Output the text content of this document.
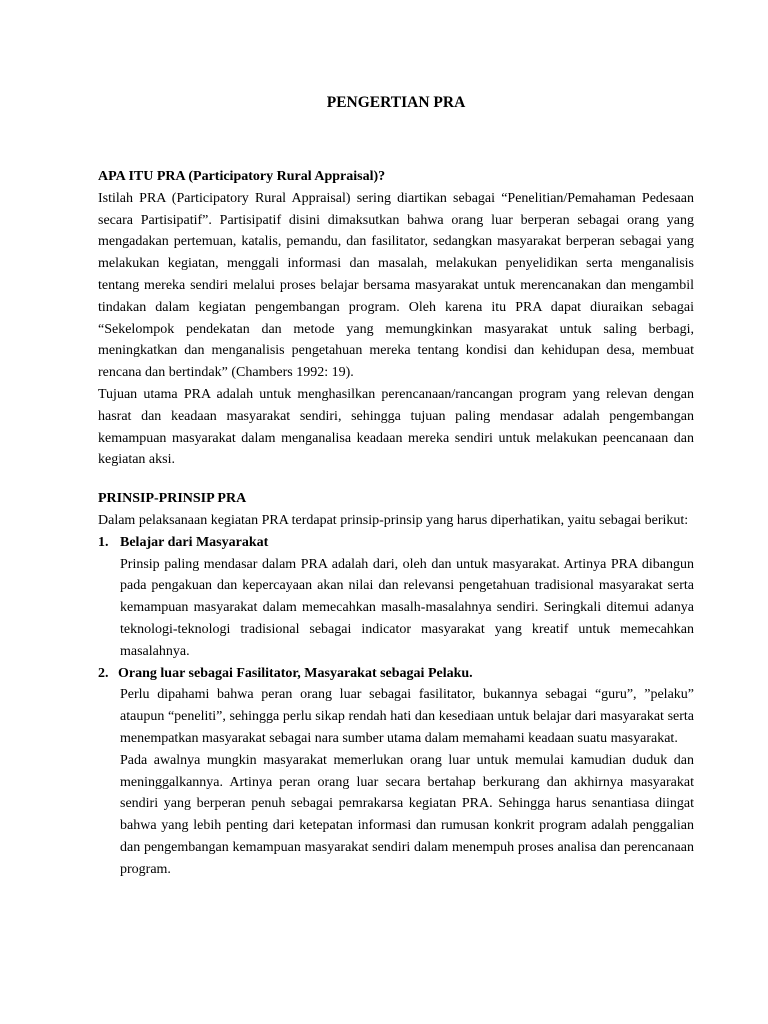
PENGERTIAN PRA
APA ITU PRA (Participatory Rural Appraisal)?

Istilah PRA (Participatory Rural Appraisal) sering diartikan sebagai “Penelitian/Pemahaman Pedesaan secara Partisipatif”. Partisipatif disini dimaksutkan bahwa orang luar berperan sebagai orang yang mengadakan pertemuan, katalis, pemandu, dan fasilitator, sedangkan masyarakat berperan sebagai yang melakukan kegiatan, menggali informasi dan masalah, melakukan penyelidikan serta menganalisis tentang mereka sendiri melalui proses belajar bersama masyarakat untuk merencanakan dan mengambil tindakan dalam kegiatan pengembangan program. Oleh karena itu PRA dapat diuraikan sebagai “Sekelompok pendekatan dan metode yang memungkinkan masyarakat untuk saling berbagi, meningkatkan dan menganalisis pengetahuan mereka tentang kondisi dan kehidupan desa, membuat rencana dan bertindak” (Chambers 1992: 19).

Tujuan utama PRA adalah untuk menghasilkan perencanaan/rancangan program yang relevan dengan hasrat dan keadaan masyarakat sendiri, sehingga tujuan paling mendasar adalah pengembangan kemampuan masyarakat dalam menganalisa keadaan mereka sendiri untuk melakukan peencanaan dan kegiatan aksi.

PRINSIP-PRINSIP PRA

Dalam pelaksanaan kegiatan PRA terdapat prinsip-prinsip yang harus diperhatikan, yaitu sebagai berikut:

1. Belajar dari Masyarakat

Prinsip paling mendasar dalam PRA adalah dari, oleh dan untuk masyarakat. Artinya PRA dibangun pada pengakuan dan kepercayaan akan nilai dan relevansi pengetahuan tradisional masyarakat serta kemampuan masyarakat dalam memecahkan masalh-masalahnya sendiri. Seringkali ditemui adanya teknologi-teknologi tradisional sebagai indicator masyarakat yang kreatif untuk memecahkan masalahnya.

2. Orang luar sebagai Fasilitator, Masyarakat sebagai Pelaku.

Perlu dipahami bahwa peran orang luar sebagai fasilitator, bukannya sebagai “guru”, ”pelaku” ataupun “peneliti”, sehingga perlu sikap rendah hati dan kesediaan untuk belajar dari masyarakat serta menempatkan masyarakat sebagai nara sumber utama dalam memahami keadaan suatu masyarakat.

Pada awalnya mungkin masyarakat memerlukan orang luar untuk memulai kamudian duduk dan meninggalkannya. Artinya peran orang luar secara bertahap berkurang dan akhirnya masyarakat sendiri yang berperan penuh sebagai pemrakarsa kegiatan PRA. Sehingga harus senantiasa diingat bahwa yang lebih penting dari ketepatan informasi dan rumusan konkrit program adalah penggalian dan pengembangan kemampuan masyarakat sendiri dalam menempuh proses analisa dan perencanaan program.
